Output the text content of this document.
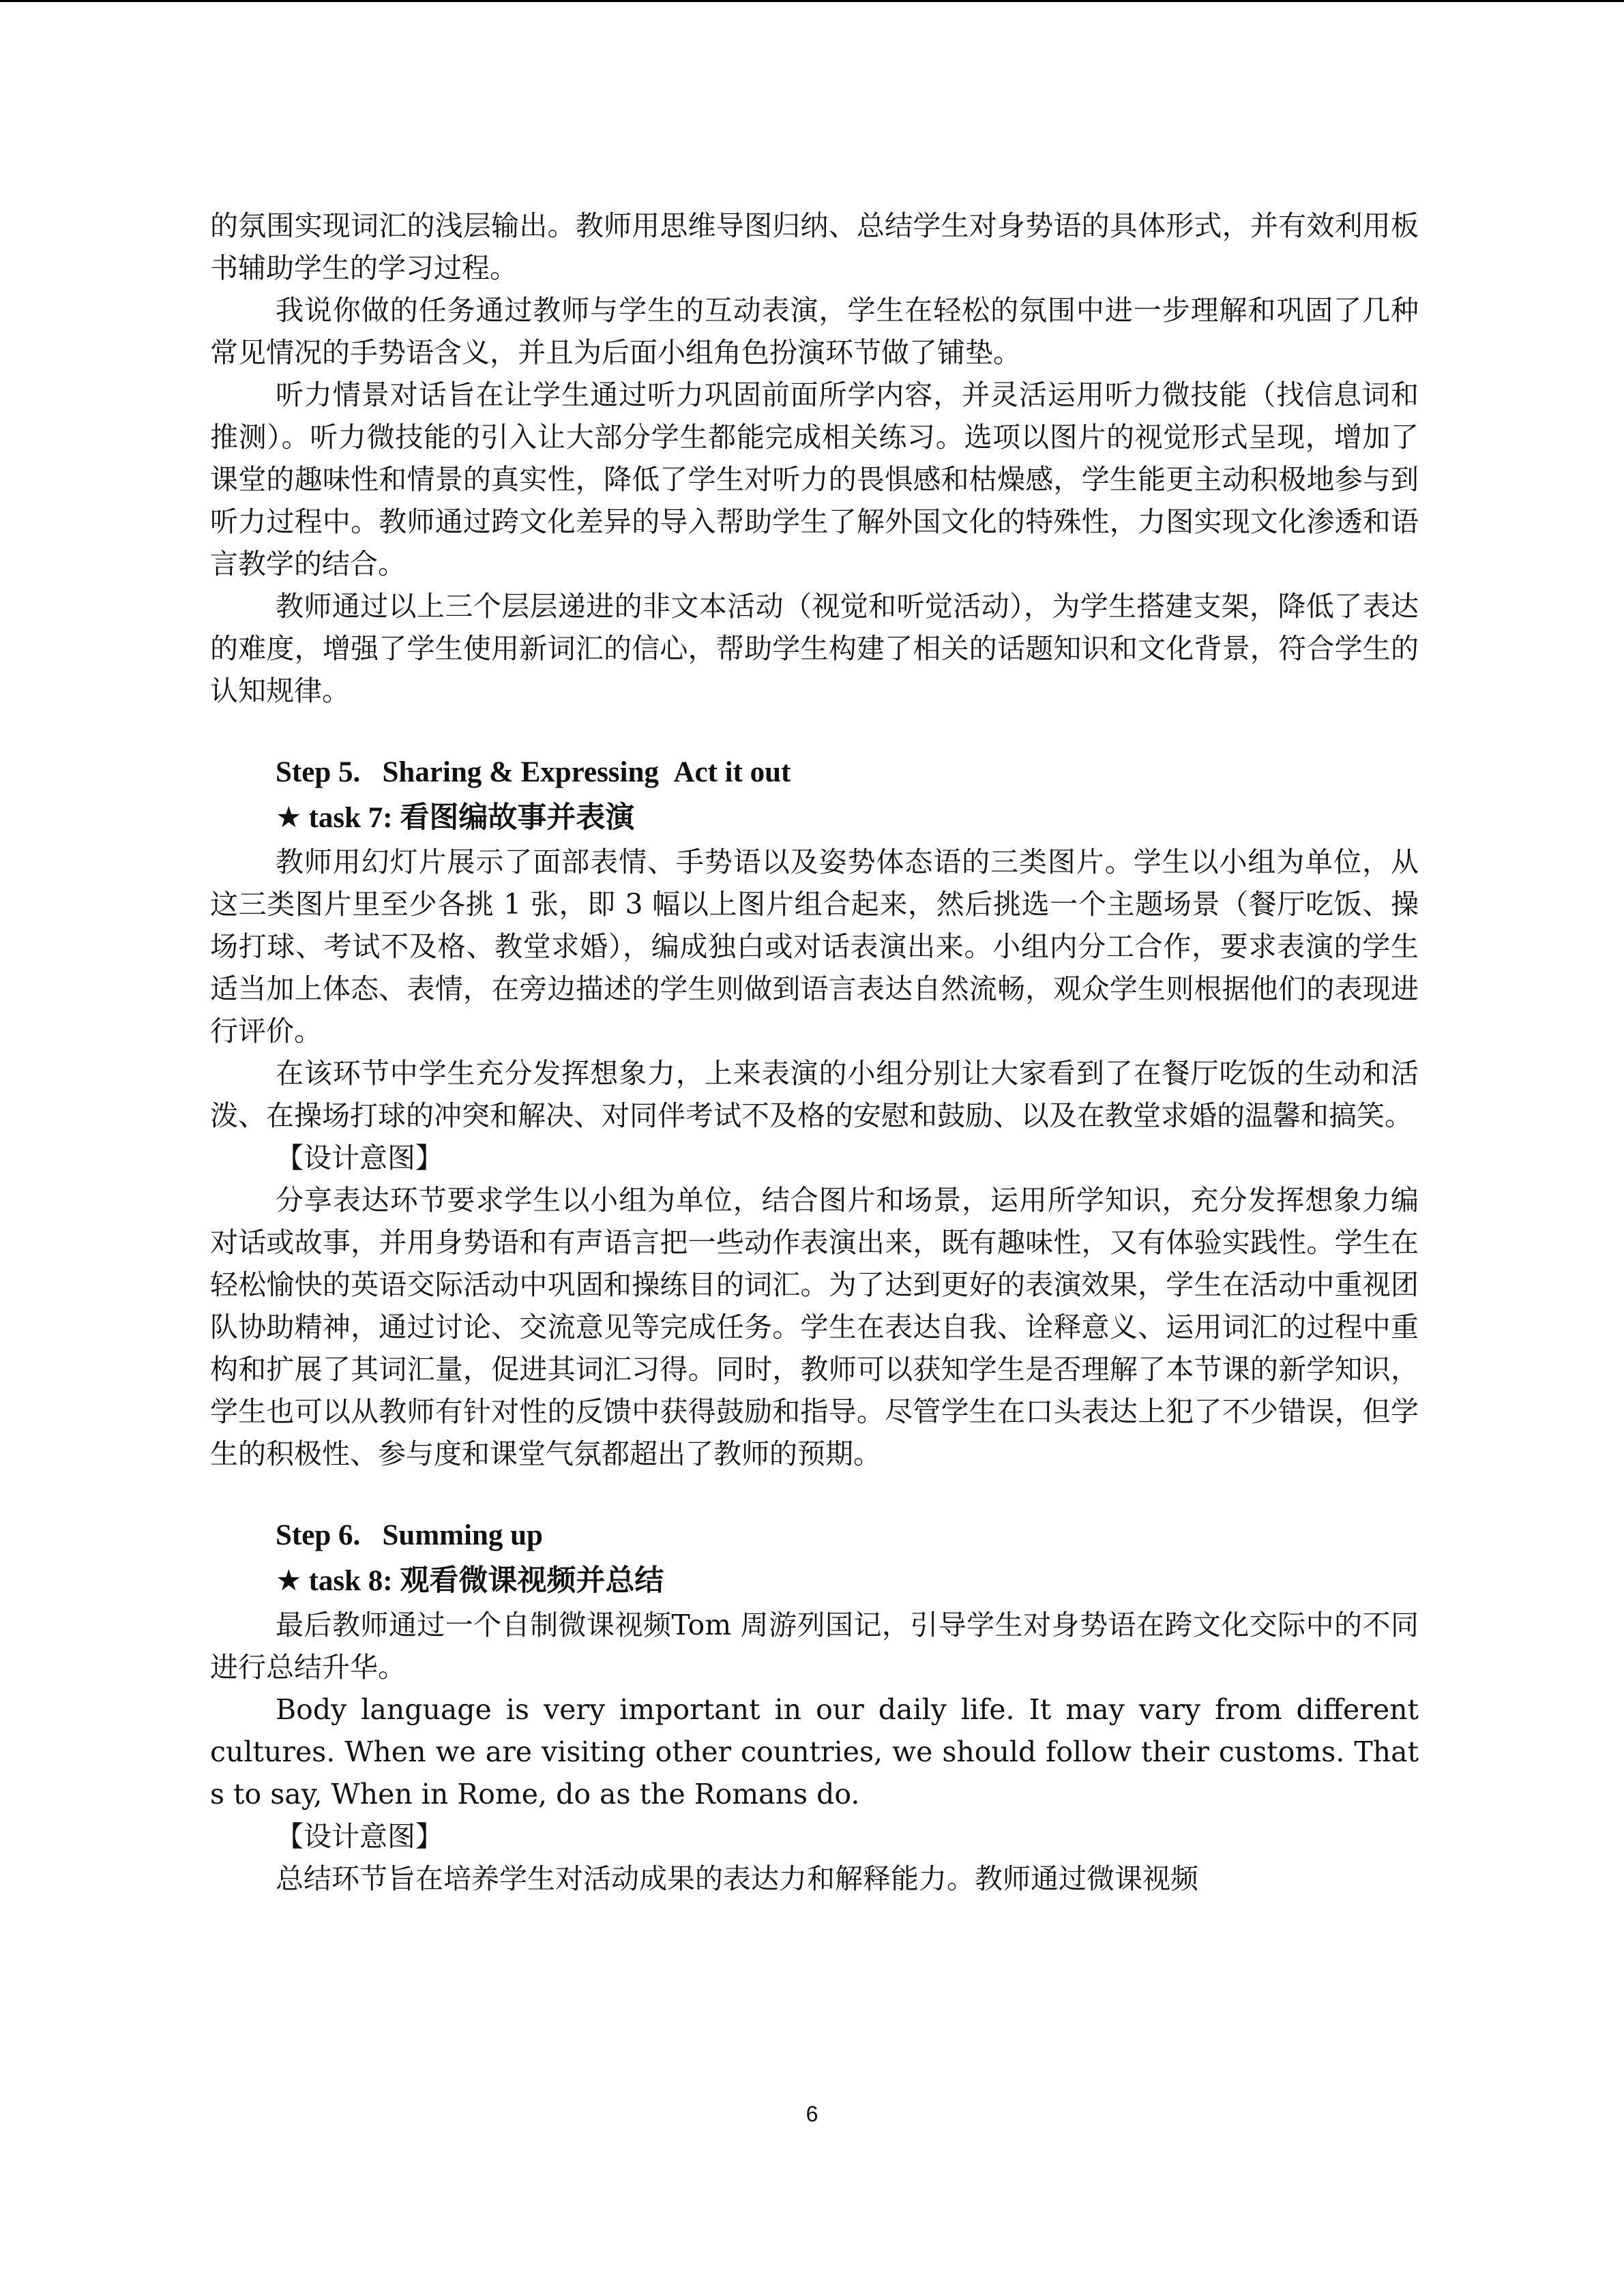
的氛围实现词汇的浅层输出。教师用思维导图归纳、总结学生对身势语的具体形式，并有效利用板书辅助学生的学习过程。

我说你做的任务通过教师与学生的互动表演，学生在轻松的氛围中进一步理解和巩固了几种常见情况的手势语含义，并且为后面小组角色扮演环节做了铺垫。

听力情景对话旨在让学生通过听力巩固前面所学内容，并灵活运用听力微技能（找信息词和推测）。听力微技能的引入让大部分学生都能完成相关练习。选项以图片的视觉形式呈现，增加了课堂的趣味性和情景的真实性，降低了学生对听力的畏惧感和枯燥感，学生能更主动积极地参与到听力过程中。教师通过跨文化差异的导入帮助学生了解外国文化的特殊性，力图实现文化渗透和语言教学的结合。

教师通过以上三个层层递进的非文本活动（视觉和听觉活动），为学生搭建支架，降低了表达的难度，增强了学生使用新词汇的信心，帮助学生构建了相关的话题知识和文化背景，符合学生的认知规律。

Step 5.   Sharing & Expressing  Act it out
★ task 7: 看图编故事并表演

教师用幻灯片展示了面部表情、手势语以及姿势体态语的三类图片。学生以小组为单位，从这三类图片里至少各挑 1 张，即 3 幅以上图片组合起来，然后挑选一个主题场景（餐厅吃饭、操场打球、考试不及格、教堂求婚），编成独白或对话表演出来。小组内分工合作，要求表演的学生适当加上体态、表情，在旁边描述的学生则做到语言表达自然流畅，观众学生则根据他们的表现进行评价。

在该环节中学生充分发挥想象力，上来表演的小组分别让大家看到了在餐厅吃饭的生动和活泼、在操场打球的冲突和解决、对同伴考试不及格的安慰和鼓励、以及在教堂求婚的温馨和搞笑。

【设计意图】

分享表达环节要求学生以小组为单位，结合图片和场景，运用所学知识，充分发挥想象力编对话或故事，并用身势语和有声语言把一些动作表演出来，既有趣味性，又有体验实践性。学生在轻松愉快的英语交际活动中巩固和操练目的词汇。为了达到更好的表演效果，学生在活动中重视团队协助精神，通过讨论、交流意见等完成任务。学生在表达自我、诠释意义、运用词汇的过程中重构和扩展了其词汇量，促进其词汇习得。同时，教师可以获知学生是否理解了本节课的新学知识，学生也可以从教师有针对性的反馈中获得鼓励和指导。尽管学生在口头表达上犯了不少错误，但学生的积极性、参与度和课堂气氛都超出了教师的预期。

Step 6.   Summing up
★ task 8: 观看微课视频并总结

最后教师通过一个自制微课视频Tom 周游列国记，引导学生对身势语在跨文化交际中的不同进行总结升华。

Body language is very important in our daily life. It may vary from different cultures. When we are visiting other countries, we should follow their customs. That s to say, When in Rome, do as the Romans do.

【设计意图】

总结环节旨在培养学生对活动成果的表达力和解释能力。教师通过微课视频

6
